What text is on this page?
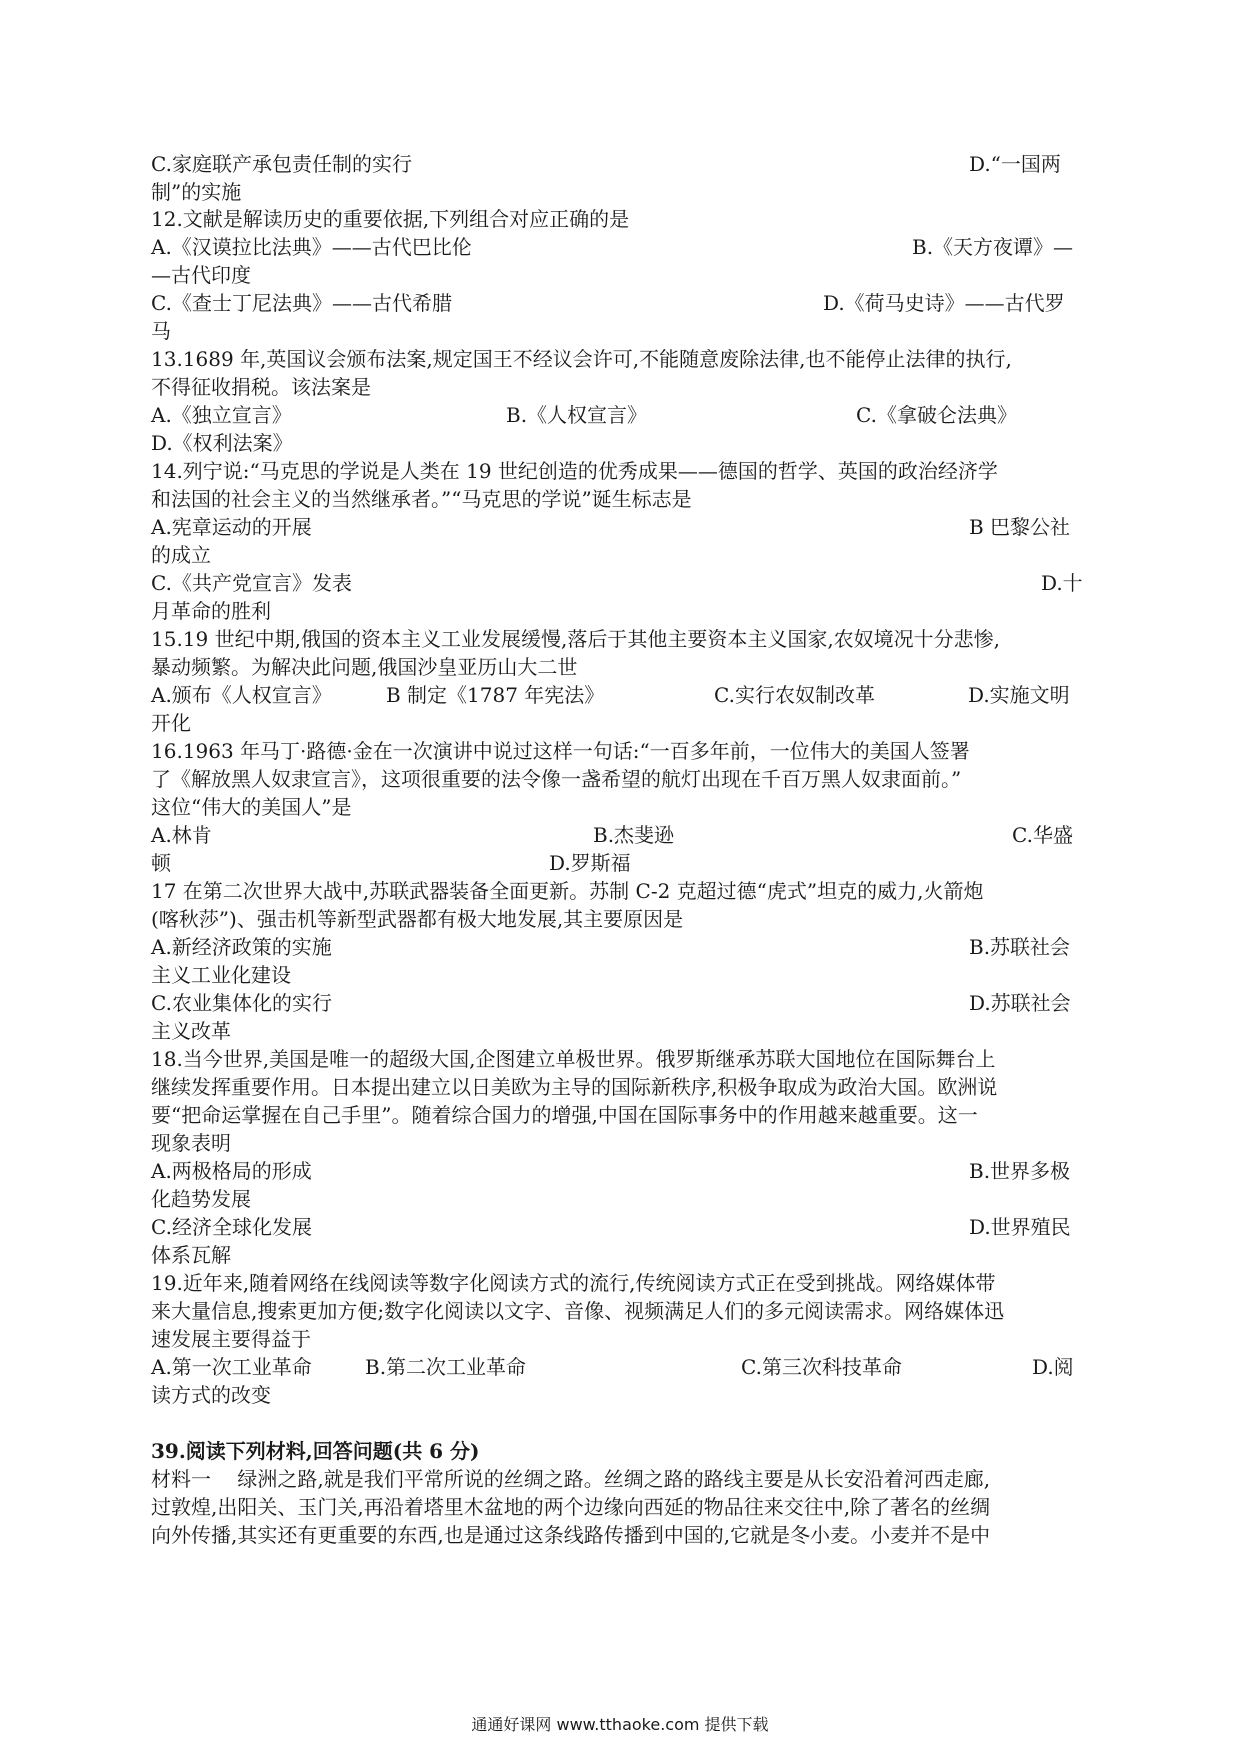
C.家庭联产承包责任制的实行

	D.“一国两

制”的实施

12.文献是解读历史的重要依据,下列组合对应正确的是

A.《汉谟拉比法典》——古代巴比伦

	B.《天方夜谭》—

—古代印度

C.《查士丁尼法典》——古代希腊

	D.《荷马史诗》——古代罗

马

13.1689 年,英国议会颁布法案,规定国王不经议会许可,不能随意废除法律,也不能停止法律的执行,
不得征收捐税。该法案是

A.《独立宣言》

	B.《人权宣言》

	C.《拿破仑法典》

D.《权利法案》

14.列宁说:“马克思的学说是人类在 19 世纪创造的优秀成果——德国的哲学、英国的政治经济学
和法国的社会主义的当然继承者。”“马克思的学说”诞生标志是

A.宪章运动的开展

	B 巴黎公社

的成立

C.《共产党宣言》发表

	D.十

月革命的胜利

15.19 世纪中期,俄国的资本主义工业发展缓慢,落后于其他主要资本主义国家,农奴境况十分悲惨,
暴动频繁。为解决此问题,俄国沙皇亚历山大二世

A.颁布《人权宣言》

	B 制定《1787 年宪法》

	C.实行农奴制改革

	D.实施文明

开化

16.1963 年马丁·路德·金在一次演讲中说过这样一句话:“一百多年前，一位伟大的美国人签署
了《解放黑人奴隶宣言》，这项很重要的法令像一盏希望的航灯出现在千百万黑人奴隶面前。”
这位“伟大的美国人”是

A.林肯

	B.杰斐逊

	C.华盛

顿

	D.罗斯福

17 在第二次世界大战中,苏联武器装备全面更新。苏制 C-2 克超过德“虎式”坦克的威力,火箭炮
(喀秋莎”)、强击机等新型武器都有极大地发展,其主要原因是

A.新经济政策的实施

	B.苏联社会

主义工业化建设

C.农业集体化的实行

	D.苏联社会

主义改革

18.当今世界,美国是唯一的超级大国,企图建立单极世界。俄罗斯继承苏联大国地位在国际舞台上
继续发挥重要作用。日本提出建立以日美欧为主导的国际新秩序,积极争取成为政治大国。欧洲说
要“把命运掌握在自己手里”。随着综合国力的增强,中国在国际事务中的作用越来越重要。这一
现象表明

A.两极格局的形成

	B.世界多极

化趋势发展

C.经济全球化发展

	D.世界殖民

体系瓦解

19.近年来,随着网络在线阅读等数字化阅读方式的流行,传统阅读方式正在受到挑战。网络媒体带
来大量信息,搜索更加方便;数字化阅读以文字、音像、视频满足人们的多元阅读需求。网络媒体迅
速发展主要得益于

A.第一次工业革命

	B.第二次工业革命

	C.第三次科技革命

	D.阅

读方式的改变

39.阅读下列材料,回答问题(共 6 分)
材料一　 绿洲之路,就是我们平常所说的丝绸之路。丝绸之路的路线主要是从长安沿着河西走廊,
过敦煌,出阳关、玉门关,再沿着塔里木盆地的两个边缘向西延的物品往来交往中,除了著名的丝绸
向外传播,其实还有更重要的东西,也是通过这条线路传播到中国的,它就是冬小麦。小麦并不是中
通通好课网 www.tthaoke.com 提供下载
